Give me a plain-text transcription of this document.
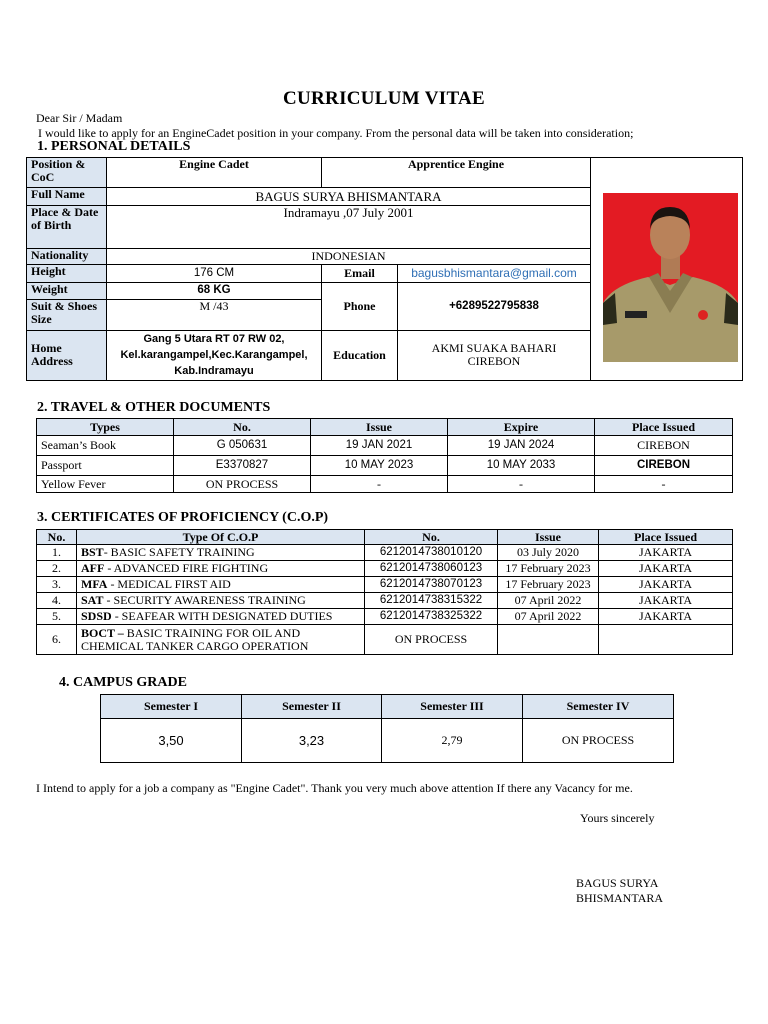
CURRICULUM VITAE
Dear Sir / Madam
I would like to apply for an EngineCadet position in your company. From the personal data will be taken into consideration;
1. PERSONAL DETAILS
Position & CoC	Engine Cadet	Apprentice Engine		
Full Name	BAGUS SURYA BHISMANTARA			
Place & Date of Birth	Indramayu ,07 July 2001			
Nationality	INDONESIAN			
Height	176 CM	Email	bagusbhismantara@gmail.com	
Weight	68 KG	Phone	+6289522795838	
Suit & Shoes Size	M /43			
Home Address	Gang 5 Utara RT 07 RW 02, Kel.karangampel,Kec.Karangampel, Kab.Indramayu	Education	AKMI SUAKA BAHARI CIREBON	
2. TRAVEL & OTHER DOCUMENTS
Types	No.	Issue	Expire	Place Issued
Seaman’s Book	G 050631	19 JAN 2021	19 JAN 2024	CIREBON
Passport	E3370827	10 MAY 2023	10 MAY 2033	CIREBON
Yellow Fever	ON PROCESS	-	-	-
3. CERTIFICATES OF PROFICIENCY (C.O.P)
No.	Type Of C.O.P	No.	Issue	Place Issued
1.	BST- BASIC SAFETY TRAINING	6212014738010120	03 July 2020	JAKARTA
2.	AFF - ADVANCED FIRE FIGHTING	6212014738060123	17 February 2023	JAKARTA
3.	MFA - MEDICAL FIRST AID	6212014738070123	17 February 2023	JAKARTA
4.	SAT - SECURITY AWARENESS TRAINING	6212014738315322	07 April 2022	JAKARTA
5.	SDSD - SEAFEAR WITH DESIGNATED DUTIES	6212014738325322	07 April 2022	JAKARTA
6.	BOCT – BASIC TRAINING FOR OIL AND CHEMICAL TANKER CARGO OPERATION	ON PROCESS		
4. CAMPUS GRADE
Semester I	Semester II	Semester III	Semester IV
3,50	3,23	2,79	ON PROCESS
I Intend to apply for a job a company as "Engine Cadet". Thank you very much above attention If there any Vacancy for me.
Yours sincerely
BAGUS SURYA
BHISMANTARA
